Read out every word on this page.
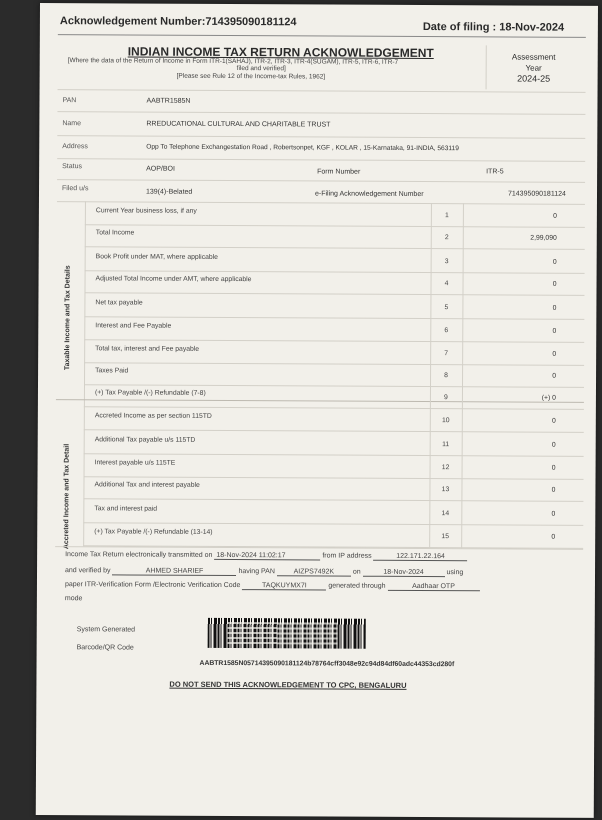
Acknowledgement Number:714395090181124	Date of filing : 18-Nov-2024
INDIAN INCOME TAX RETURN ACKNOWLEDGEMENT
[Where the data of the Return of Income in Form ITR-1(SAHAJ), ITR-2, ITR-3, ITR-4(SUGAM), ITR-5, ITR-6, ITR-7
filed and verified]
[Please see Rule 12 of the Income-tax Rules, 1962]
Assessment
Year
2024-25
PAN	AABTR1585N
Name	RREDUCATIONAL CULTURAL AND CHARITABLE TRUST
Address	Opp To Telephone Exchangestation Road , Robertsonpet, KGF , KOLAR , 15-Karnataka, 91-INDIA, 563119
Status	AOP/BOI	Form Number	ITR-5
Filed u/s	139(4)-Belated	e-Filing Acknowledgement Number	714395090181124
Taxable Income and Tax Details
Accreted Income and Tax Detail
Current Year business loss, if any
1	0
Total Income
2	2,99,090
Book Profit under MAT, where applicable
3	0
Adjusted Total Income under AMT, where applicable
4	0
Net tax payable
5	0
Interest and Fee Payable
6	0
Total tax, interest and Fee payable
7	0
Taxes Paid
8	0
(+) Tax Payable /(-) Refundable (7-8)
9	(+) 0
Accreted Income as per section 115TD
10	0
Additional Tax payable u/s 115TD
11	0
Interest payable u/s 115TE
12	0
Additional Tax and interest payable
13	0
Tax and interest paid
14	0
(+) Tax Payable /(-) Refundable (13-14)
15	0
Income Tax Return electronically transmitted on 18-Nov-2024 11:02:17	from IP address	122.171.22.164
and verified by	AHMED SHARIEF	having PAN	AIZPS7492K	on	18-Nov-2024	using
paper ITR-Verification Form /Electronic Verification Code	TAQKUYMX7I	generated through	Aadhaar OTP
mode
System Generated
Barcode/QR Code
AABTR1585N05714395090181124b78764cff3048e92c94d84df60adc44353cd280f
DO NOT SEND THIS ACKNOWLEDGEMENT TO CPC, BENGALURU
